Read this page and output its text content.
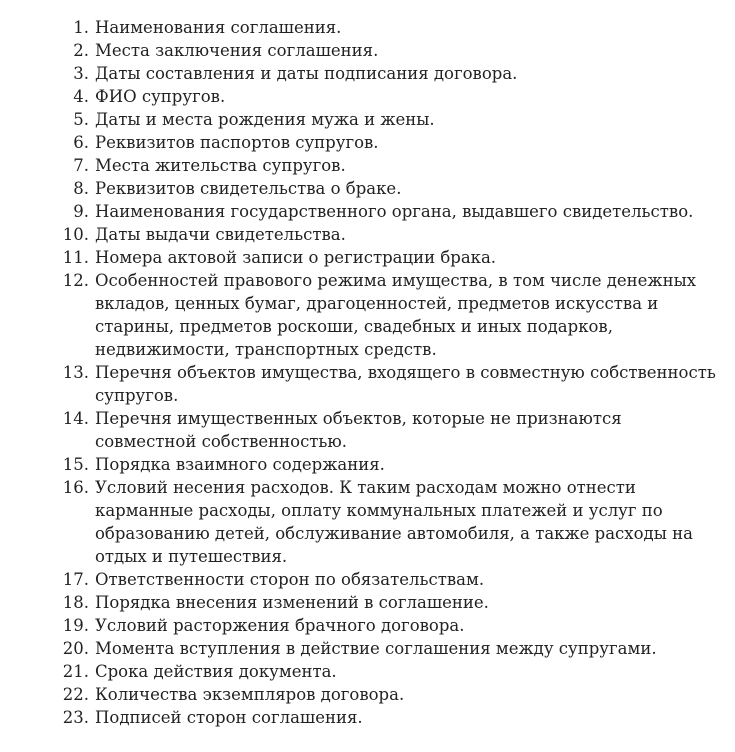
1. Наименования соглашения.
2. Места заключения соглашения.
3. Даты составления и даты подписания договора.
4. ФИО супругов.
5. Даты и места рождения мужа и жены.
6. Реквизитов паспортов супругов.
7. Места жительства супругов.
8. Реквизитов свидетельства о браке.
9. Наименования государственного органа, выдавшего свидетельство.
10. Даты выдачи свидетельства.
11. Номера актовой записи о регистрации брака.
12. Особенностей правового режима имущества, в том числе денежных вкладов, ценных бумаг, драгоценностей, предметов искусства и старины, предметов роскоши, свадебных и иных подарков, недвижимости, транспортных средств.
13. Перечня объектов имущества, входящего в совместную собственность супругов.
14. Перечня имущественных объектов, которые не признаются совместной собственностью.
15. Порядка взаимного содержания.
16. Условий несения расходов. К таким расходам можно отнести карманные расходы, оплату коммунальных платежей и услуг по образованию детей, обслуживание автомобиля, а также расходы на отдых и путешествия.
17. Ответственности сторон по обязательствам.
18. Порядка внесения изменений в соглашение.
19. Условий расторжения брачного договора.
20. Момента вступления в действие соглашения между супругами.
21. Срока действия документа.
22. Количества экземпляров договора.
23. Подписей сторон соглашения.
